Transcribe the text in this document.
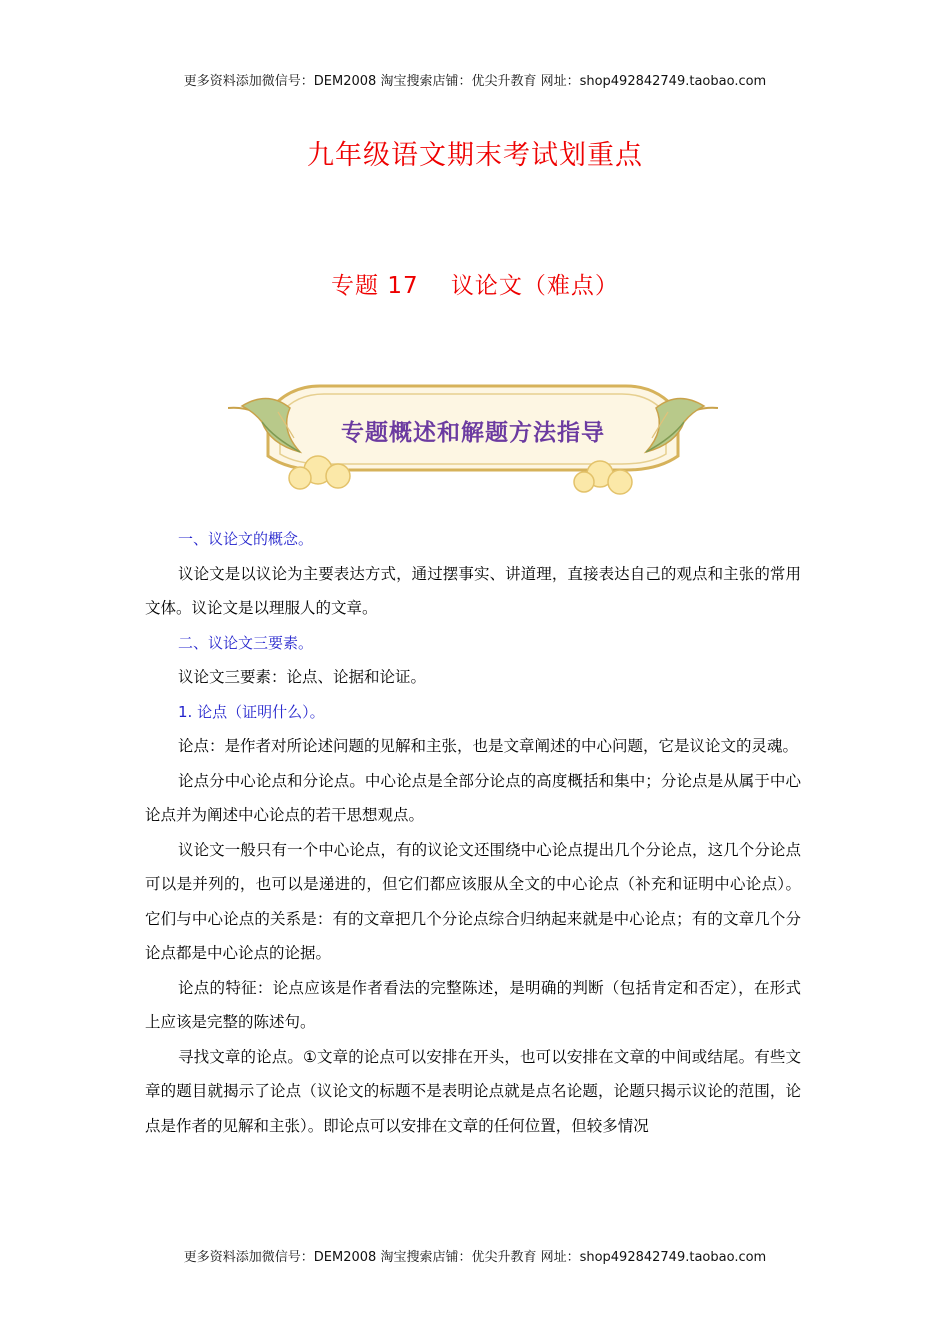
更多资料添加微信号：DEM2008 淘宝搜索店铺：优尖升教育 网址：shop492842749.taobao.com
九年级语文期末考试划重点
专题 17　 议论文（难点）
专题概述和解题方法指导

一、议论文的概念。

议论文是以议论为主要表达方式，通过摆事实、讲道理，直接表达自己的观点和主张的常用文体。议论文是以理服人的文章。

二、议论文三要素。

议论文三要素：论点、论据和论证。

1. 论点（证明什么）。

论点：是作者对所论述问题的见解和主张，也是文章阐述的中心问题，它是议论文的灵魂。

论点分中心论点和分论点。中心论点是全部分论点的高度概括和集中；分论点是从属于中心论点并为阐述中心论点的若干思想观点。

议论文一般只有一个中心论点，有的议论文还围绕中心论点提出几个分论点，这几个分论点可以是并列的，也可以是递进的，但它们都应该服从全文的中心论点（补充和证明中心论点）。它们与中心论点的关系是：有的文章把几个分论点综合归纳起来就是中心论点；有的文章几个分论点都是中心论点的论据。

论点的特征：论点应该是作者看法的完整陈述，是明确的判断（包括肯定和否定），在形式上应该是完整的陈述句。

寻找文章的论点。①文章的论点可以安排在开头，也可以安排在文章的中间或结尾。有些文章的题目就揭示了论点（议论文的标题不是表明论点就是点名论题，论题只揭示议论的范围，论点是作者的见解和主张）。即论点可以安排在文章的任何位置，但较多情况

更多资料添加微信号：DEM2008 淘宝搜索店铺：优尖升教育 网址：shop492842749.taobao.com
